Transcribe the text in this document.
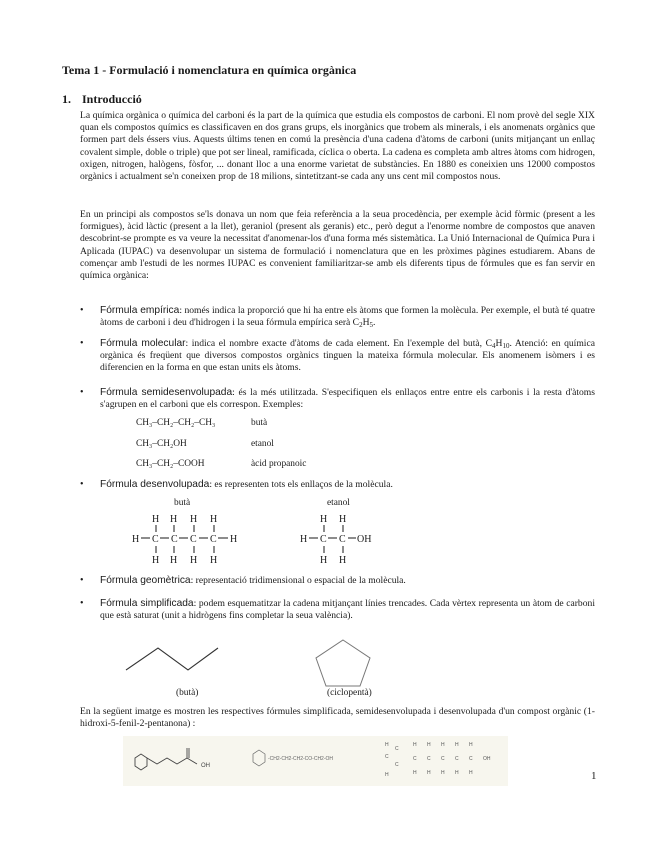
Tema 1 - Formulació i nomenclatura en química orgànica
1. Introducció

La química orgànica o química del carboni és la part de la química que estudia els compostos de carboni. El nom provè del segle XIX quan els compostos químics es classificaven en dos grans grups, els inorgànics que trobem als minerals, i els anomenats orgànics que formen part dels éssers vius. Aquests últims tenen en comú la presència d'una cadena d'àtoms de carboni (units mitjançant un enllaç covalent simple, doble o triple) que pot ser lineal, ramificada, cíclica o oberta. La cadena es completa amb altres àtoms com hidrogen, oxigen, nitrogen, halògens, fòsfor, ... donant lloc a una enorme varietat de substàncies. En 1880 es coneixien uns 12000 compostos orgànics i actualment se'n coneixen prop de 18 milions, sintetitzant-se cada any uns cent mil compostos nous.

En un principi als compostos se'ls donava un nom que feia referència a la seua procedència, per exemple àcid fòrmic (present a les formigues), àcid làctic (present a la llet), geraniol (present als geranis) etc., però degut a l'enorme nombre de compostos que anaven descobrint-se prompte es va veure la necessitat d'anomenar-los d'una forma més sistemàtica. La Unió Internacional de Química Pura i Aplicada (IUPAC) va desenvolupar un sistema de formulació i nomenclatura que en les pròximes pàgines estudiarem. Abans de començar amb l'estudi de les normes IUPAC es convenient familiaritzar-se amb els diferents tipus de fórmules que es fan servir en química orgànica:

• Fórmula empírica: només indica la proporció que hi ha entre els àtoms que formen la molècula. Per exemple, el butà té quatre àtoms de carboni i deu d'hidrogen i la seua fórmula empírica serà $C_2H_5$.
• Fórmula molecular: indica el nombre exacte d'àtoms de cada element. En l'exemple del butà, $C_4H_{10}$. Atenció: en química orgànica és freqüent que diversos compostos orgànics tinguen la mateixa fórmula molecular. Els anomenem isòmers i es diferencien en la forma en que estan units els àtoms.
• Fórmula semidesenvolupada: és la més utilitzada. S'especifiquen els enllaços entre entre els carbonis i la resta d'àtoms s'agrupen en el carboni que els correspon. Exemples:
CH₃–CH₂–CH₂–CH₃	butà
CH₃–CH₂OH	etanol
CH₃–CH₂–COOH	àcid propanoic
• Fórmula desenvolupada: es representen tots els enllaços de la molècula.
butà	etanol
H H H H
H C C C C H
H H H H
H H
H C C OH
H H
• Fórmula geomètrica: representació tridimensional o espacial de la molècula.
• Fórmula simplificada: podem esquematitzar la cadena mitjançant línies trencades. Cada vèrtex representa un àtom de carboni que està saturat (unit a hidrògens fins completar la seua valència).
(butà)	(ciclopentà)

En la següent imatge es mostren les respectives fórmules simplificada, semidesenvolupada i desenvolupada d'un compost orgànic (1-hidroxi-5-fenil-2-pentanona) :

OH
-CH2-CH2-CH2-CO-CH2-OH
H
C
C
C
H
H H H H H
C C C C C OH
H H H H H	1
